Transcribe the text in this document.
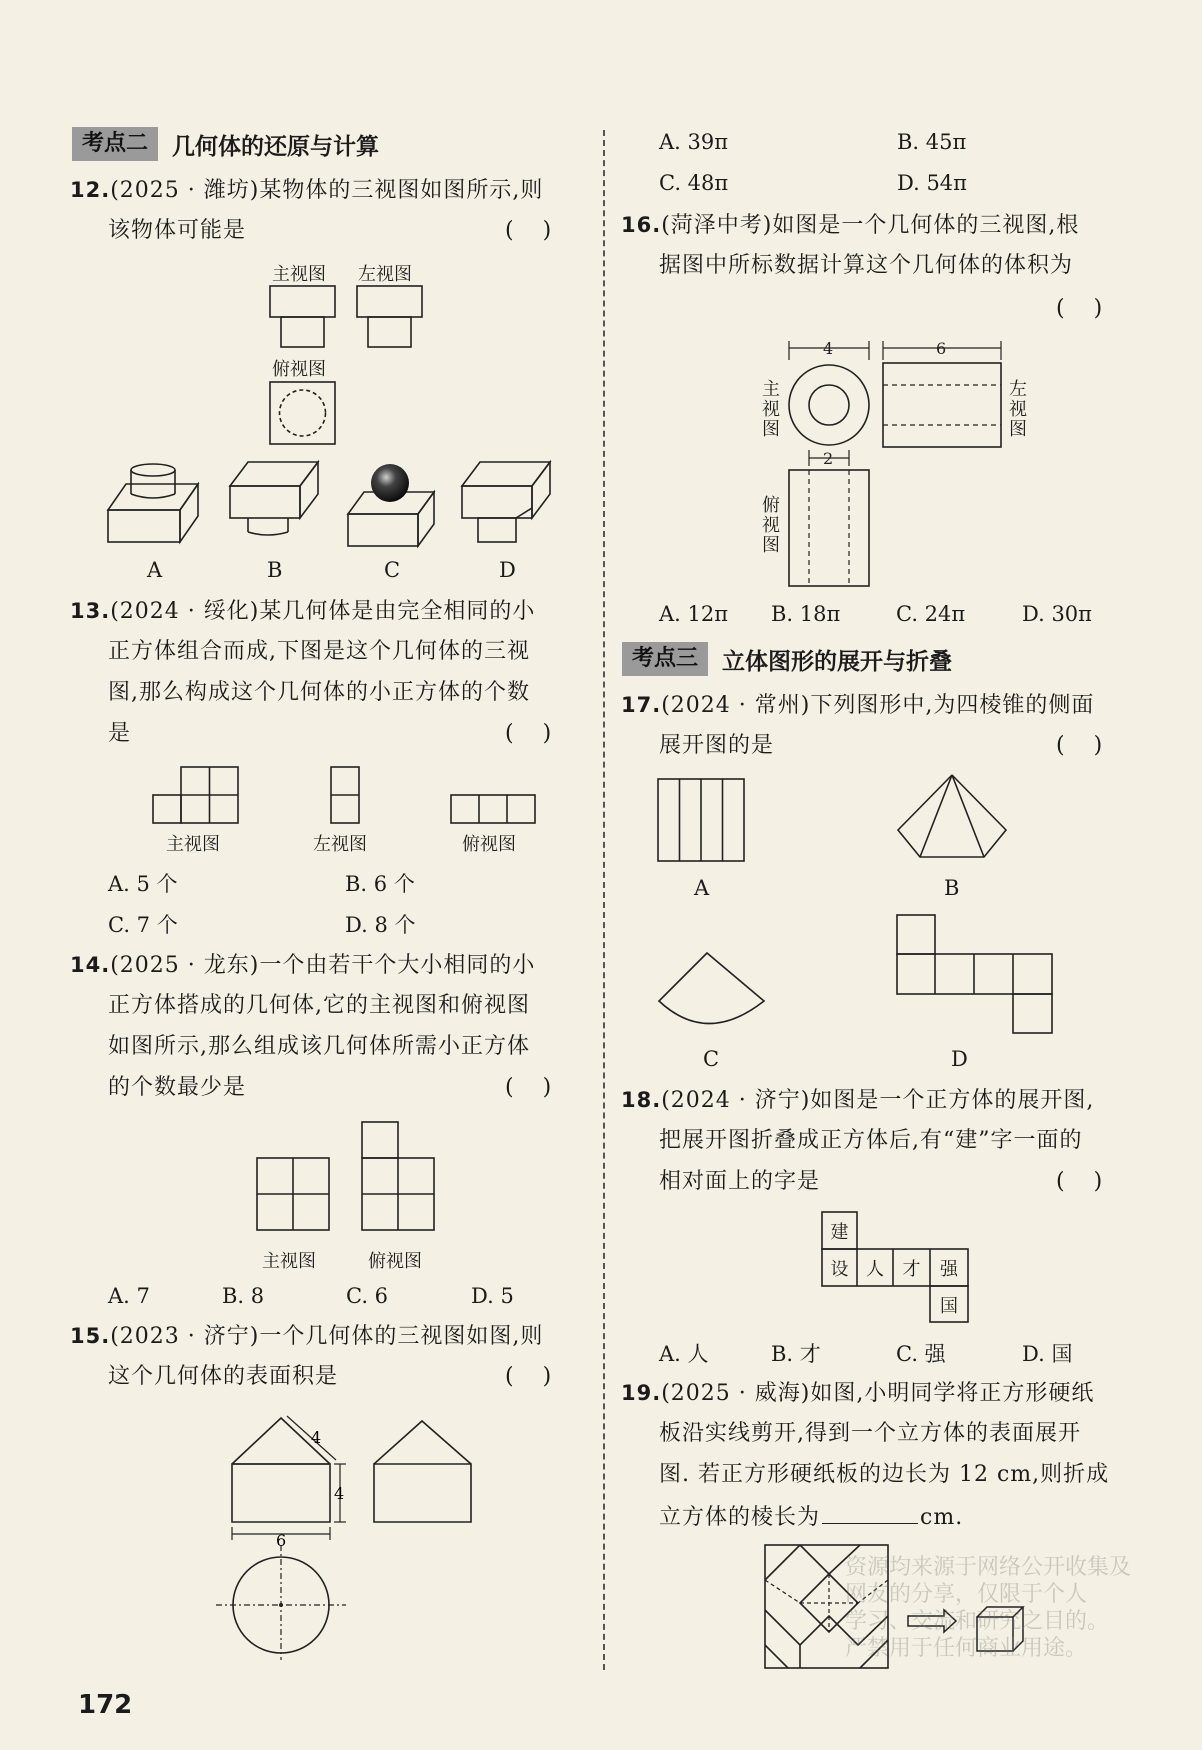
考点二	几何体的还原与计算
12.(2025 · 潍坊)某物体的三视图如图所示,则
该物体可能是	( )
主视图 左视图
俯视图
A	B	C	D
13.(2024 · 绥化)某几何体是由完全相同的小
正方体组合而成,下图是这个几何体的三视
图,那么构成这个几何体的小正方体的个数
是	( )
主视图	左视图	俯视图
A. 5 个	B. 6 个
C. 7 个	D. 8 个
14.(2025 · 龙东)一个由若干个大小相同的小
正方体搭成的几何体,它的主视图和俯视图
如图所示,那么组成该几何体所需小正方体
的个数最少是	( )
主视图	俯视图
A. 7	B. 8	C. 6	D. 5
15.(2023 · 济宁)一个几何体的三视图如图,则
这个几何体的表面积是	( )
4
4
6
A. 39π	B. 45π
C. 48π	D. 54π
16.(菏泽中考)如图是一个几何体的三视图,根
据图中所标数据计算这个几何体的体积为
( )
4	6
2
主视图
左视图
俯视图
A. 12π B. 18π	C. 24π	D. 30π
考点三	立体图形的展开与折叠
17.(2024 · 常州)下列图形中,为四棱锥的侧面
展开图的是	( )
A	B
C	D
18.(2024 · 济宁)如图是一个正方体的展开图,
把展开图折叠成正方体后,有“建”字一面的
相对面上的字是	( )
建
设 人	才	强
国
A. 人	B. 才	C. 强	D. 国
19.(2025 · 威海)如图,小明同学将正方形硬纸
板沿实线剪开,得到一个立方体的表面展开
图. 若正方形硬纸板的边长为 12 cm,则折成
立方体的棱长为	cm.
资源均来源于网络公开收集及
网友的分享，仅限于个人
学习、交流和研究之目的。
严禁用于任何商业用途。
172
